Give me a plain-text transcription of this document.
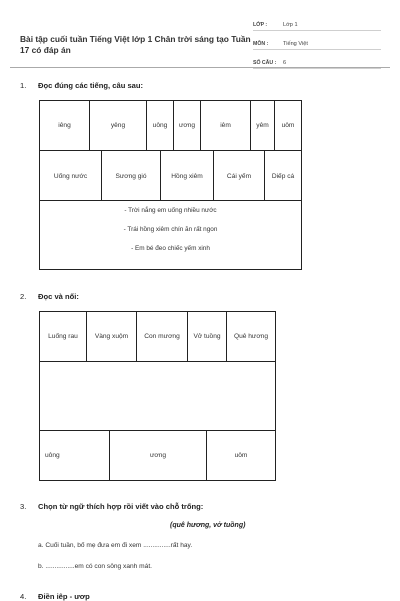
Bài tập cuối tuần Tiếng Việt lớp 1 Chân trời sáng tạo Tuần 17 có đáp án
LỚP :	Lớp 1
MÔN :	Tiếng Việt
SỐ CÂU :	6
1. Đọc đúng các tiếng, câu sau:
iêng	yêng	uông	ương	iêm	yêm	uôm
Uống nước	Sương gió	Hồng xiêm	Cái yếm	Diếp cá
- Trời nắng em uống nhiều nước
- Trái hồng xiêm chín ăn rất ngon
- Em bé đeo chiếc yếm xinh
2. Đọc và nối:
Luống rau	Vàng xuộm	Con mương	Vở tuồng	Quê hương
uông	ương	uôm
3. Chọn từ ngữ thích hợp rồi viết vào chỗ trống:
(quê hương, vở tuồng)
a. Cuối tuần, bố mẹ đưa em đi xem ...............rất hay.
b. ................em có con sông xanh mát.
4. Điền iêp - ươp
